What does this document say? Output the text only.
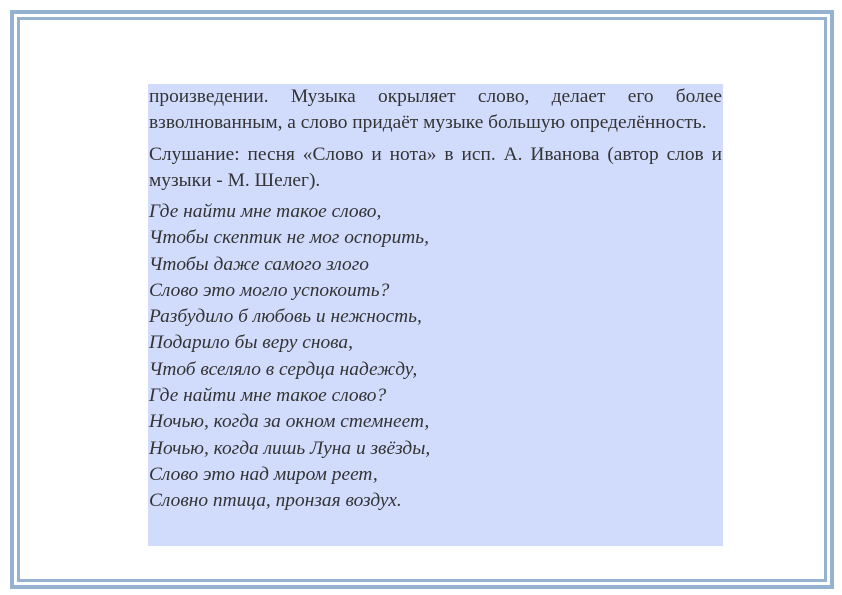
произведении. Музыка окрыляет слово, делает его более взволнованным, а слово придаёт музыке большую определённость.

Слушание: песня «Слово и нота» в исп. А. Иванова (автор слов и музыки - М. Шелег).

Где найти мне такое слово,
Чтобы скептик не мог оспорить,
Чтобы даже самого злого
Слово это могло успокоить?
Разбудило б любовь и нежность,
Подарило бы веру снова,
Чтоб вселяло в сердца надежду,
Где найти мне такое слово?
Ночью, когда за окном стемнеет,
Ночью, когда лишь Луна и звёзды,
Слово это над миром реет,
Словно птица, пронзая воздух.
